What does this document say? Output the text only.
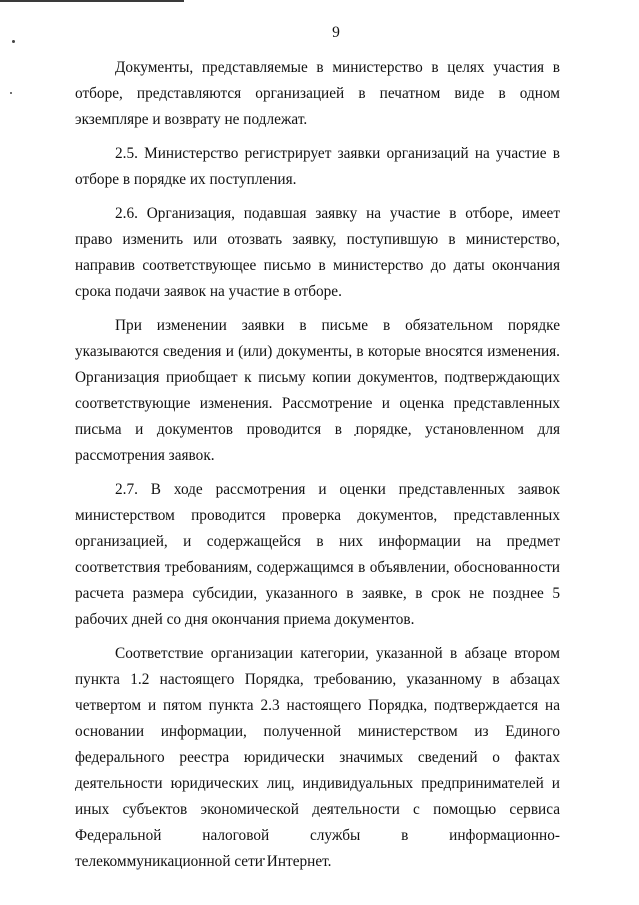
9

Документы, представляемые в министерство в целях участия в отборе, представляются организацией в печатном виде в одном экземпляре и возврату не подлежат.

2.5. Министерство регистрирует заявки организаций на участие в отборе в порядке их поступления.

2.6. Организация, подавшая заявку на участие в отборе, имеет право изменить или отозвать заявку, поступившую в министерство, направив соответствующее письмо в министерство до даты окончания срока подачи заявок на участие в отборе.

При изменении заявки в письме в обязательном порядке указываются сведения и (или) документы, в которые вносятся изменения. Организация приобщает к письму копии документов, подтверждающих соответствующие изменения. Рассмотрение и оценка представленных письма и документов проводится в порядке, установленном для рассмотрения заявок.

2.7. В ходе рассмотрения и оценки представленных заявок министерством проводится проверка документов, представленных организацией, и содержащейся в них информации на предмет соответствия требованиям, содержащимся в объявлении, обоснованности расчета размера субсидии, указанного в заявке, в срок не позднее 5 рабочих дней со дня окончания приема документов.

Соответствие организации категории, указанной в абзаце втором пункта 1.2 настоящего Порядка, требованию, указанному в абзацах четвертом и пятом пункта 2.3 настоящего Порядка, подтверждается на основании информации, полученной министерством из Единого федерального реестра юридически значимых сведений о фактах деятельности юридических лиц, индивидуальных предпринимателей и иных субъектов экономической деятельности с помощью сервиса Федеральной налоговой службы в информационно-телекоммуникационной сети Интернет.
